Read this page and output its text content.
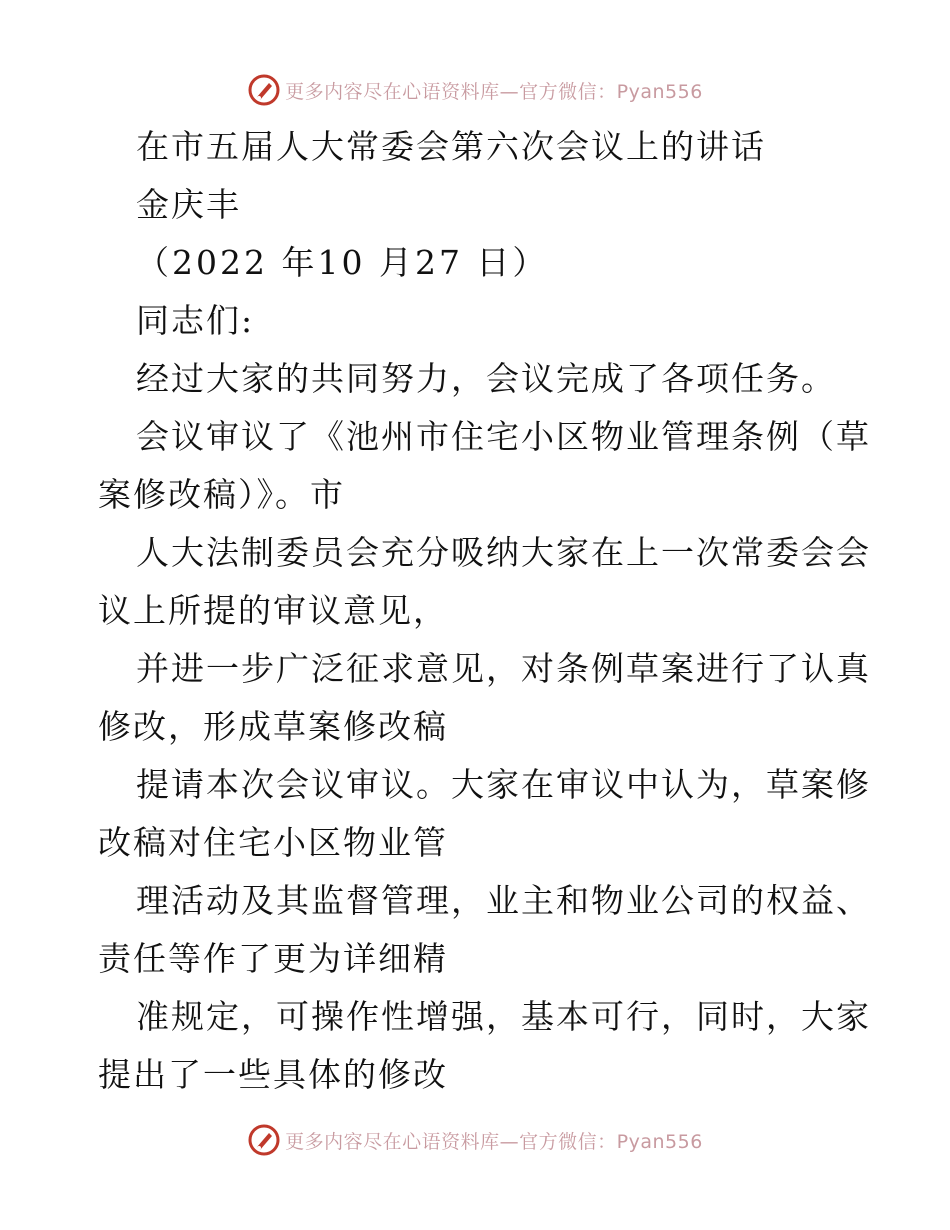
更多内容尽在心语资料库—官方微信：Pyan556
在市五届人大常委会第六次会议上的讲话
金庆丰
（2022 年10 月27 日）
同志们:
经过大家的共同努力，会议完成了各项任务。
会议审议了《池州市住宅小区物业管理条例（草
案修改稿）》。市
人大法制委员会充分吸纳大家在上一次常委会会
议上所提的审议意见，
并进一步广泛征求意见，对条例草案进行了认真
修改，形成草案修改稿
提请本次会议审议。大家在审议中认为，草案修
改稿对住宅小区物业管
理活动及其监督管理，业主和物业公司的权益、
责任等作了更为详细精
准规定，可操作性增强，基本可行，同时，大家
提出了一些具体的修改
更多内容尽在心语资料库—官方微信：Pyan556
